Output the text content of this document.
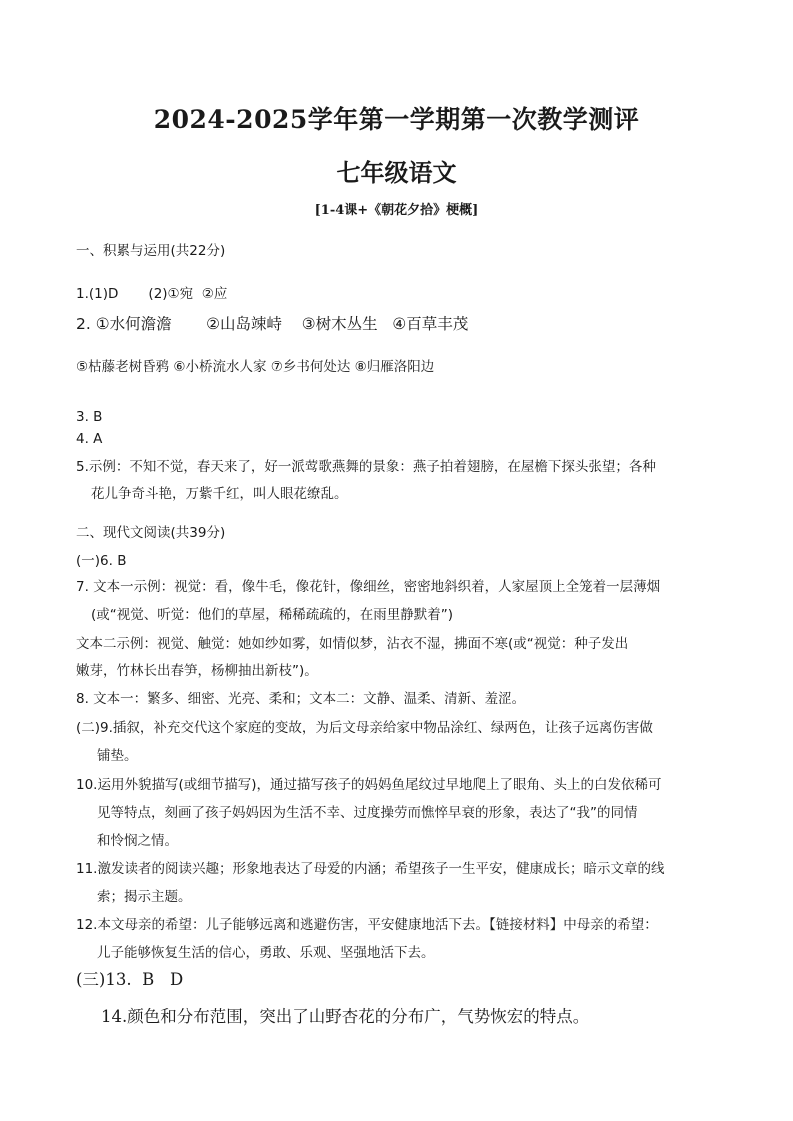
2024-2025学年第一学期第一次教学测评
七年级语文
[1-4课+《朝花夕拾》梗概]
一、积累与运用(共22分)
1.(1)D       (2)①宛  ②应
2. ①水何澹澹       ②山岛竦峙    ③树木丛生   ④百草丰茂
⑤枯藤老树昏鸦 ⑥小桥流水人家 ⑦乡书何处达 ⑧归雁洛阳边
3. B
4. A
5.示例：不知不觉，春天来了，好一派莺歌燕舞的景象：燕子拍着翅膀，在屋檐下探头张望；各种
花儿争奇斗艳，万紫千红，叫人眼花缭乱。
二、现代文阅读(共39分)
(一)6. B
7. 文本一示例：视觉：看，像牛毛，像花针，像细丝，密密地斜织着，人家屋顶上全笼着一层薄烟
(或“视觉、听觉：他们的草屋，稀稀疏疏的，在雨里静默着”)
文本二示例：视觉、触觉：她如纱如雾，如情似梦，沾衣不湿，拂面不寒(或“视觉：种子发出
嫩芽，竹林长出春笋，杨柳抽出新枝”)。
8. 文本一：繁多、细密、光亮、柔和；文本二：文静、温柔、清新、羞涩。
(二)9.插叙，补充交代这个家庭的变故，为后文母亲给家中物品涂红、绿两色，让孩子远离伤害做
铺垫。
10.运用外貌描写(或细节描写)，通过描写孩子的妈妈鱼尾纹过早地爬上了眼角、头上的白发依稀可
见等特点，刻画了孩子妈妈因为生活不幸、过度操劳而憔悴早衰的形象，表达了“我”的同情
和怜悯之情。
11.激发读者的阅读兴趣；形象地表达了母爱的内涵；希望孩子一生平安，健康成长；暗示文章的线
索；揭示主题。
12.本文母亲的希望：儿子能够远离和逃避伤害，平安健康地活下去。【链接材料】中母亲的希望：
儿子能够恢复生活的信心，勇敢、乐观、坚强地活下去。
(三)13.  B   D
14.颜色和分布范围，突出了山野杏花的分布广，气势恢宏的特点。
